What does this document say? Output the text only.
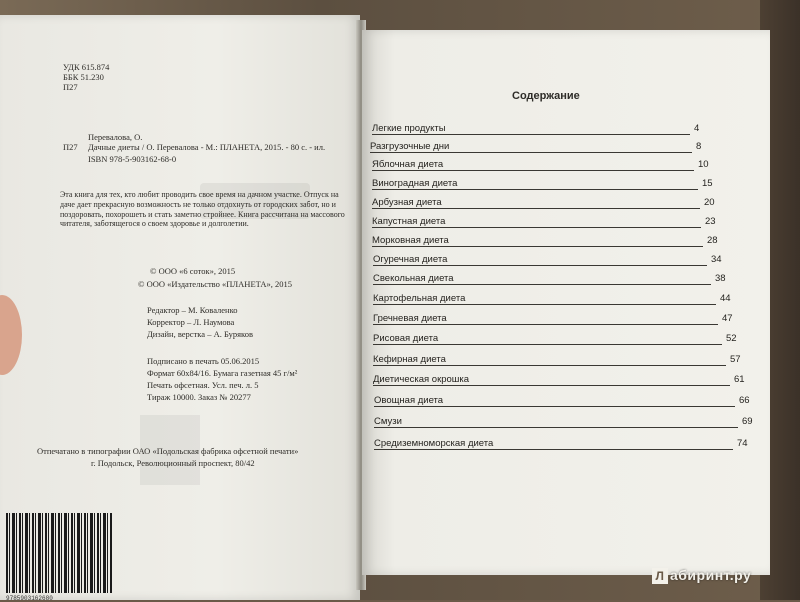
УДК 615.874
ББК 51.230
П27
Перевалова, О.
П27 Дачные диеты / О. Перевалова - М.: ПЛАНЕТА, 2015. - 80 с. - ил.
ISBN 978-5-903162-68-0
Эта книга для тех, кто любит проводить свое время на дачном участке. Отпуск на даче дает прекрасную возможность не только отдохнуть от городских забот, но и поздоровать, похорошеть и стать заметно стройнее. Книга рассчитана на массового читателя, заботящегося о своем здоровье и долголетии.
© ООО «6 соток», 2015
© ООО «Издательство «ПЛАНЕТА», 2015
Редактор – М. Коваленко
Корректор – Л. Наумова
Дизайн, верстка – А. Буряков
Подписано в печать 05.06.2015
Формат 60х84/16. Бумага газетная 45 г/м²
Печать офсетная. Усл. печ. л. 5
Тираж 10000. Заказ № 20277
Отпечатано в типографии ОАО «Подольская фабрика офсетной печати»
г. Подольск, Революционный проспект, 80/42
9785903162680
Содержание
Легкие продукты	4
Разгрузочные дни	8
Яблочная диета	10
Виноградная диета	15
Арбузная диета	20
Капустная диета	23
Морковная диета	28
Огуречная диета	34
Свекольная диета	38
Картофельная диета	44
Гречневая диета	47
Рисовая диета	52
Кефирная диета	57
Диетическая окрошка	61
Овощная диета	66
Смузи	69
Средиземноморская диета	74
Л абиринт.ру
